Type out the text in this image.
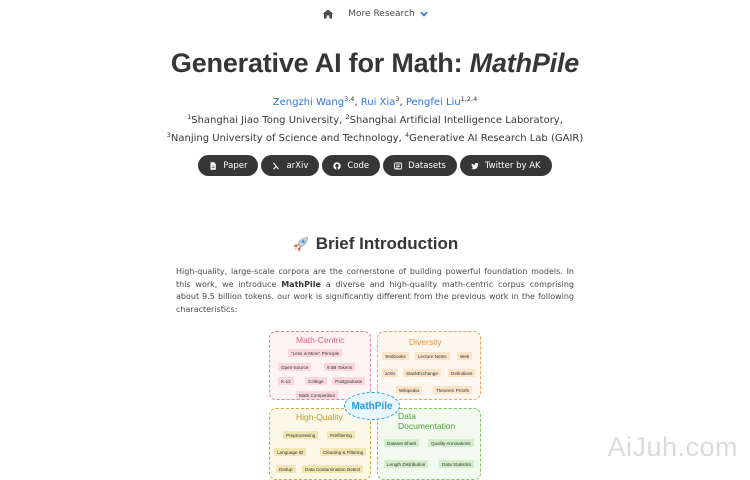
More Research
Generative AI for Math: MathPile
Zengzhi Wang$^{3,4}$, Rui Xia$^3$, Pengfei Liu$^{1,2,4}$
$^1$Shanghai Jiao Tong University, $^2$Shanghai Artificial Intelligence Laboratory,
$^3$Nanjing University of Science and Technology, $^4$Generative AI Research Lab (GAIR)
Paper	arXiv	Code	Datasets	Twitter by AK
Brief Introduction

High-quality, large-scale corpora are the cornerstone of building powerful foundation models. In this work, we introduce MathPile a diverse and high-quality math-centric corpus comprising about 9.5 billion tokens. our work is significantly different from the previous work in the following characteristics:

Math-Centric
"Less is More" Principle
Open-Source	9.5B Tokens
K-12	College	Postgraduate
Math Competition
Diversity
Textbooks	Lecture Notes	Web
arXiv	StackExchange	Definitions
Wikipedia	Theorem Proofs
High-Quality
Preprocessing	Prefiltering
Language ID	Cleaning & Filtering
Dedup	Data Contamination Detect
Data
Documentation
Dataset Sheet	Quality Annotations
Length Distribution	Data Statistics
MathPile
AiJuh.com
